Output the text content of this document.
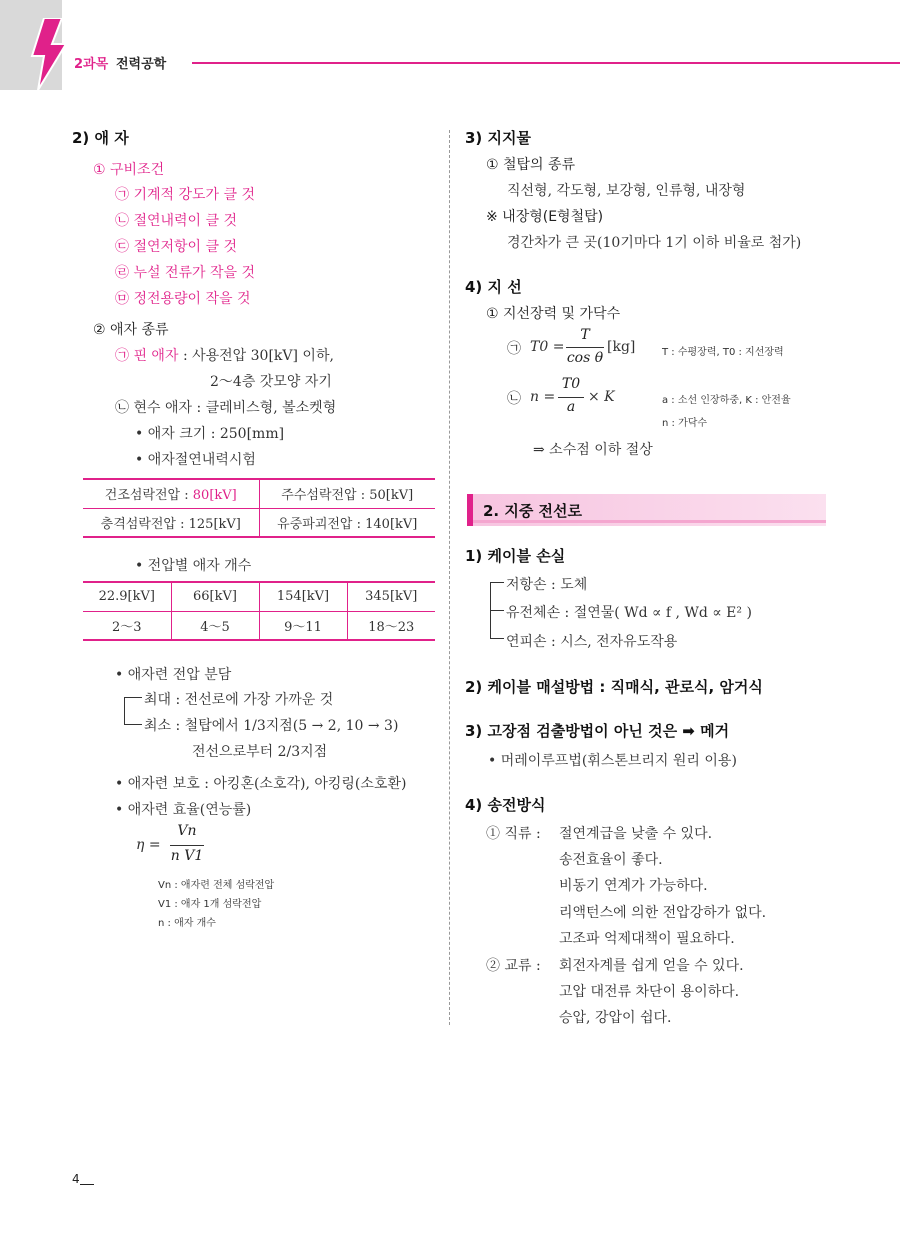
2과목 전력공학
2) 애 자
① 구비조건
㉠ 기계적 강도가 클 것
㉡ 절연내력이 클 것
㉢ 절연저항이 클 것
㉣ 누설 전류가 작을 것
㉤ 정전용량이 작을 것
② 애자 종류
㉠ 핀 애자 : 사용전압 30[kV] 이하,
2～4층 갓모양 자기
㉡ 현수 애자 : 클레비스형, 볼소켓형
• 애자 크기 : 250[mm]
• 애자절연내력시험
건조섬락전압 : 80[kV]	주수섬락전압 : 50[kV]
충격섬락전압 : 125[kV]	유중파괴전압 : 140[kV]
• 전압별 애자 개수
22.9[kV]	66[kV]	154[kV]	345[kV]
2～3	4～5	9～11	18～23
• 애자련 전압 분담
최대 : 전선로에 가장 가까운 것
최소 : 철탑에서 1/3지점(5 → 2, 10 → 3)
전선으로부터 2/3지점
• 애자련 보호 : 아킹혼(소호각), 아킹링(소호환)
• 애자련 효율(연능률)
η =
Vn
n V1
Vn : 애자련 전체 섬락전압
V1 : 애자 1개 섬락전압
n : 애자 개수
3) 지지물
① 철탑의 종류
직선형, 각도형, 보강형, 인류형, 내장형
※ 내장형(E형철탑)
경간차가 큰 곳(10기마다 1기 이하 비율로 첨가)
4) 지 선
① 지선장력 및 가닥수
㉠ T0 =
T
cos θ
[kg]	T : 수평장력, T0 : 지선장력
㉡ n =
T0
a
× K	a : 소선 인장하중, K : 안전율
n : 가닥수
⇒ 소수점 이하 절상
2. 지중 전선로
1) 케이블 손실
저항손 : 도체
유전체손 : 절연물( Wd ∝ f , Wd ∝ E² )
연피손 : 시스, 전자유도작용
2) 케이블 매설방법 : 직매식, 관로식, 암거식
3) 고장점 검출방법이 아닌 것은 ➡ 메거
• 머레이루프법(휘스톤브리지 원리 이용)
4) 송전방식
① 직류 : 절연계급을 낮출 수 있다.
송전효율이 좋다.
비동기 연계가 가능하다.
리액턴스에 의한 전압강하가 없다.
고조파 억제대책이 필요하다.
② 교류 : 회전자계를 쉽게 얻을 수 있다.
고압 대전류 차단이 용이하다.
승압, 강압이 쉽다.
4
